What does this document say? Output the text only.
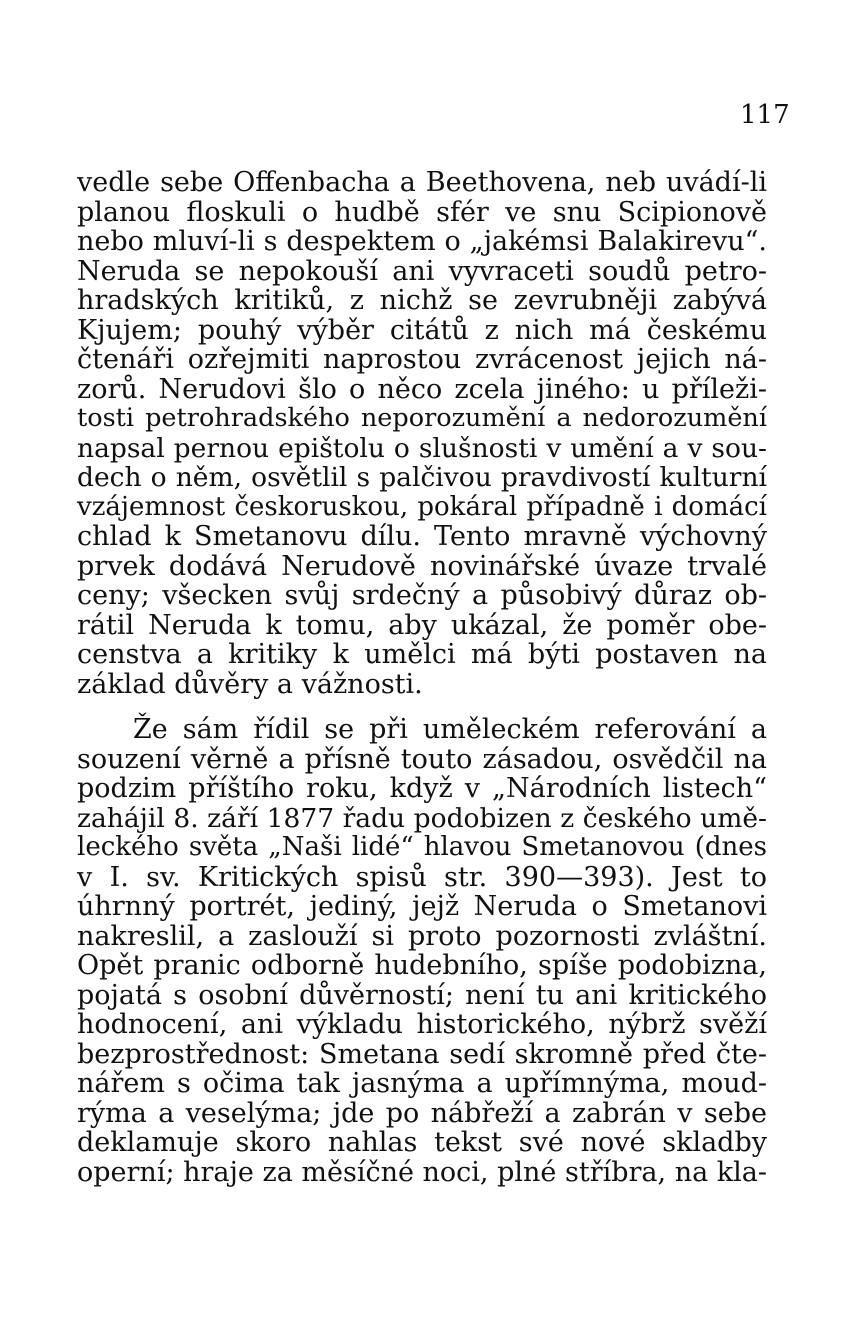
117
vedle sebe Offenbacha a Beethovena, neb uvádí-li
planou floskuli o hudbě sfér ve snu Scipionově
nebo mluví-li s despektem o „jakémsi Balakirevu“.
Neruda se nepokouší ani vyvraceti soudů petro-
hradských kritiků, z nichž se zevrubněji zabývá
Kjujem; pouhý výběr citátů z nich má českému
čtenáři ozřejmiti naprostou zvrácenost jejich ná-
zorů. Nerudovi šlo o něco zcela jiného: u příleži-
tosti petrohradského neporozumění a nedorozumění
napsal pernou epištolu o slušnosti v umění a v sou-
dech o něm, osvětlil s palčivou pravdivostí kulturní
vzájemnost českoruskou, pokáral případně i domácí
chlad k Smetanovu dílu. Tento mravně výchovný
prvek dodává Nerudově novinářské úvaze trvalé
ceny; všecken svůj srdečný a působivý důraz ob-
rátil Neruda k tomu, aby ukázal, že poměr obe-
censtva a kritiky k umělci má býti postaven na
základ důvěry a vážnosti.
Že sám řídil se při uměleckém referování a
souzení věrně a přísně touto zásadou, osvědčil na
podzim příštího roku, když v „Národních listech“
zahájil 8. září 1877 řadu podobizen z českého umě-
leckého světa „Naši lidé“ hlavou Smetanovou (dnes
v I. sv. Kritických spisů str. 390—393). Jest to
úhrnný portrét, jediný, jejž Neruda o Smetanovi
nakreslil, a zaslouží si proto pozornosti zvláštní.
Opět pranic odborně hudebního, spíše podobizna,
pojatá s osobní důvěrností; není tu ani kritického
hodnocení, ani výkladu historického, nýbrž svěží
bezprostřednost: Smetana sedí skromně před čte-
nářem s očima tak jasnýma a upřímnýma, moud-
rýma a veselýma; jde po nábřeží a zabrán v sebe
deklamuje skoro nahlas tekst své nové skladby
operní; hraje za měsíčné noci, plné stříbra, na kla-
